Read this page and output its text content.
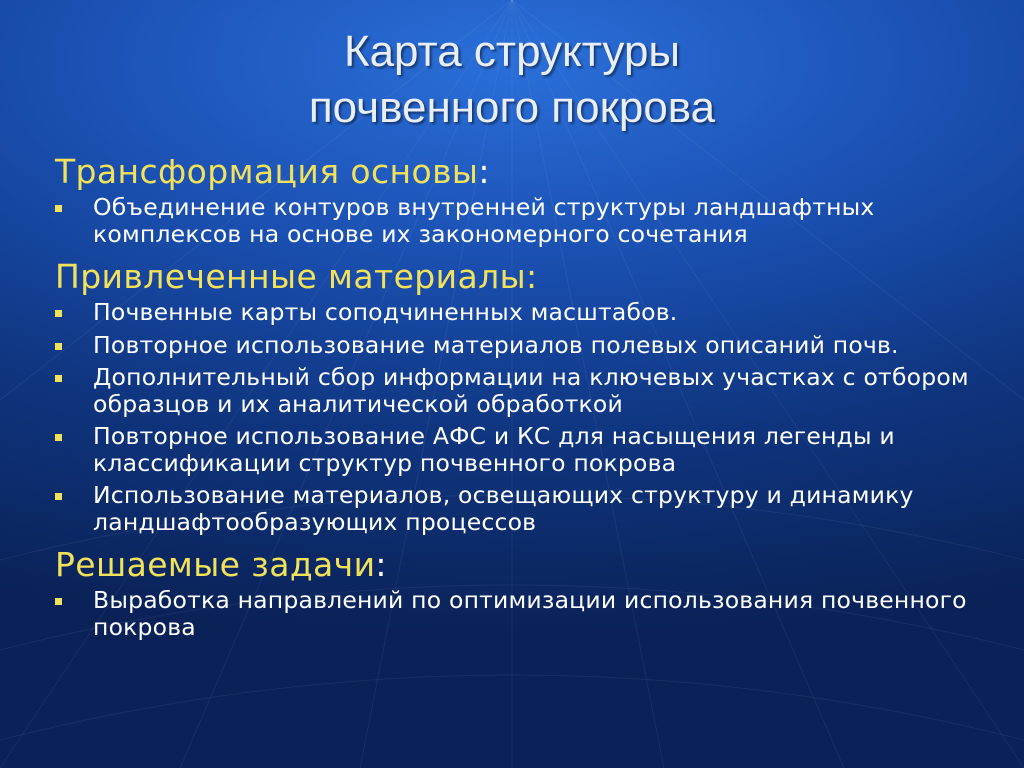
Карта структуры
почвенного покрова
Трансформация основы:
Объединение контуров внутренней структуры ландшафтных комплексов на основе их закономерного сочетания
Привлеченные материалы:
Почвенные карты соподчиненных масштабов.
Повторное использование материалов полевых описаний почв.
Дополнительный сбор информации на ключевых участках с отбором образцов и их аналитической обработкой
Повторное использование АФС и КС для насыщения легенды и классификации структур почвенного покрова
Использование материалов, освещающих структуру и динамику ландшафтообразующих процессов
Решаемые задачи:
Выработка направлений по оптимизации использования почвенного покрова
